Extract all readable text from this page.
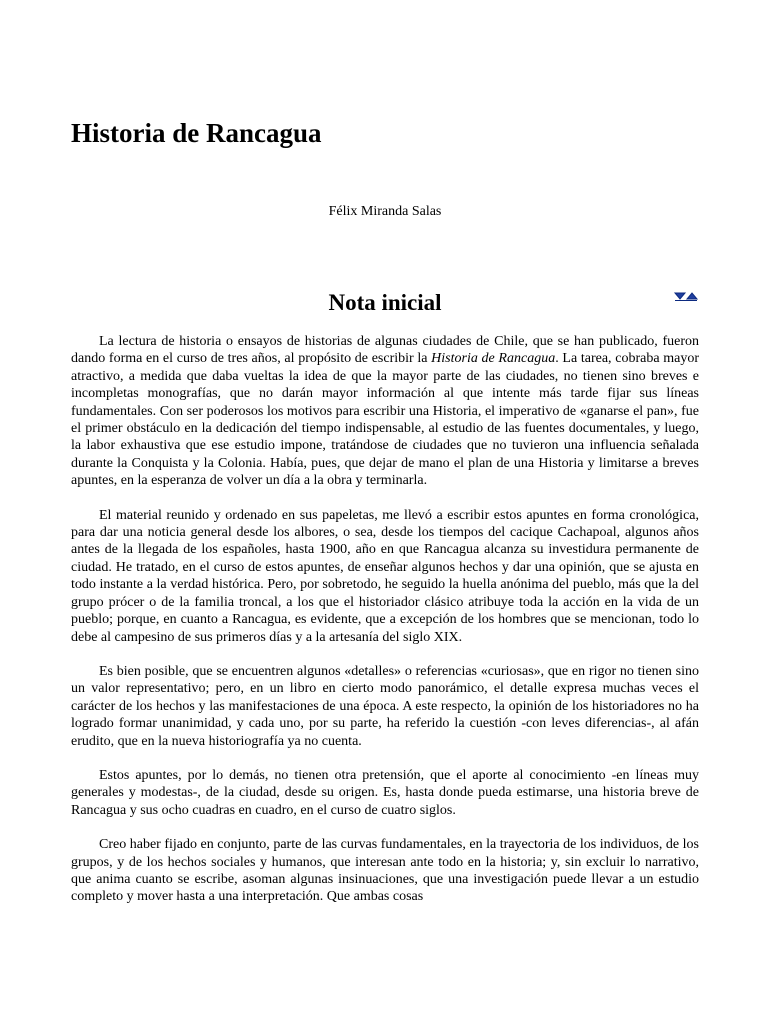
Historia de Rancagua
Félix Miranda Salas
Nota inicial

La lectura de historia o ensayos de historias de algunas ciudades de Chile, que se han publicado, fueron dando forma en el curso de tres años, al propósito de escribir la Historia de Rancagua. La tarea, cobraba mayor atractivo, a medida que daba vueltas la idea de que la mayor parte de las ciudades, no tienen sino breves e incompletas monografías, que no darán mayor información al que intente más tarde fijar sus líneas fundamentales. Con ser poderosos los motivos para escribir una Historia, el imperativo de «ganarse el pan», fue el primer obstáculo en la dedicación del tiempo indispensable, al estudio de las fuentes documentales, y luego, la labor exhaustiva que ese estudio impone, tratándose de ciudades que no tuvieron una influencia señalada durante la Conquista y la Colonia. Había, pues, que dejar de mano el plan de una Historia y limitarse a breves apuntes, en la esperanza de volver un día a la obra y terminarla.

El material reunido y ordenado en sus papeletas, me llevó a escribir estos apuntes en forma cronológica, para dar una noticia general desde los albores, o sea, desde los tiempos del cacique Cachapoal, algunos años antes de la llegada de los españoles, hasta 1900, año en que Rancagua alcanza su investidura permanente de ciudad. He tratado, en el curso de estos apuntes, de enseñar algunos hechos y dar una opinión, que se ajusta en todo instante a la verdad histórica. Pero, por sobretodo, he seguido la huella anónima del pueblo, más que la del grupo prócer o de la familia troncal, a los que el historiador clásico atribuye toda la acción en la vida de un pueblo; porque, en cuanto a Rancagua, es evidente, que a excepción de los hombres que se mencionan, todo lo debe al campesino de sus primeros días y a la artesanía del siglo XIX.

Es bien posible, que se encuentren algunos «detalles» o referencias «curiosas», que en rigor no tienen sino un valor representativo; pero, en un libro en cierto modo panorámico, el detalle expresa muchas veces el carácter de los hechos y las manifestaciones de una época. A este respecto, la opinión de los historiadores no ha logrado formar unanimidad, y cada uno, por su parte, ha referido la cuestión -con leves diferencias-, al afán erudito, que en la nueva historiografía ya no cuenta.

Estos apuntes, por lo demás, no tienen otra pretensión, que el aporte al conocimiento -en líneas muy generales y modestas-, de la ciudad, desde su origen. Es, hasta donde pueda estimarse, una historia breve de Rancagua y sus ocho cuadras en cuadro, en el curso de cuatro siglos.

Creo haber fijado en conjunto, parte de las curvas fundamentales, en la trayectoria de los individuos, de los grupos, y de los hechos sociales y humanos, que interesan ante todo en la historia; y, sin excluir lo narrativo, que anima cuanto se escribe, asoman algunas insinuaciones, que una investigación puede llevar a un estudio completo y mover hasta a una interpretación. Que ambas cosas
